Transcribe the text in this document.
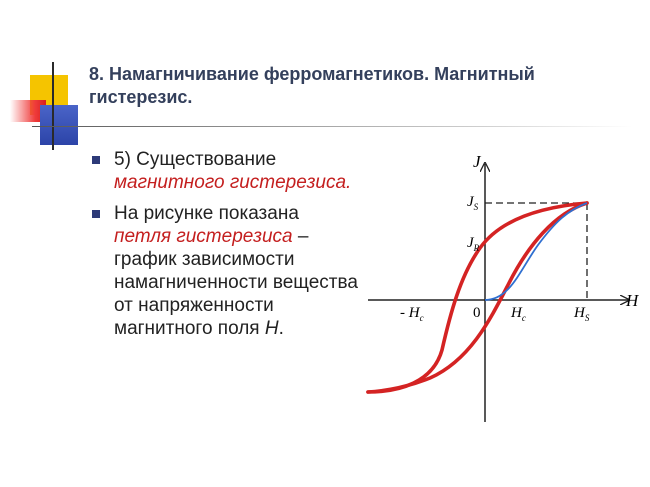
8. Намагничивание ферромагнетиков. Магнитный гистерезис.
5) Существование
магнитного гистерезиса.
На рисунке показана петля гистерезиса – график зависимости намагниченности вещества от напряженности магнитного поля H.
J
H
$J_S$
$J_R$
- $H_c$	0 $H_c$	$H_S$
